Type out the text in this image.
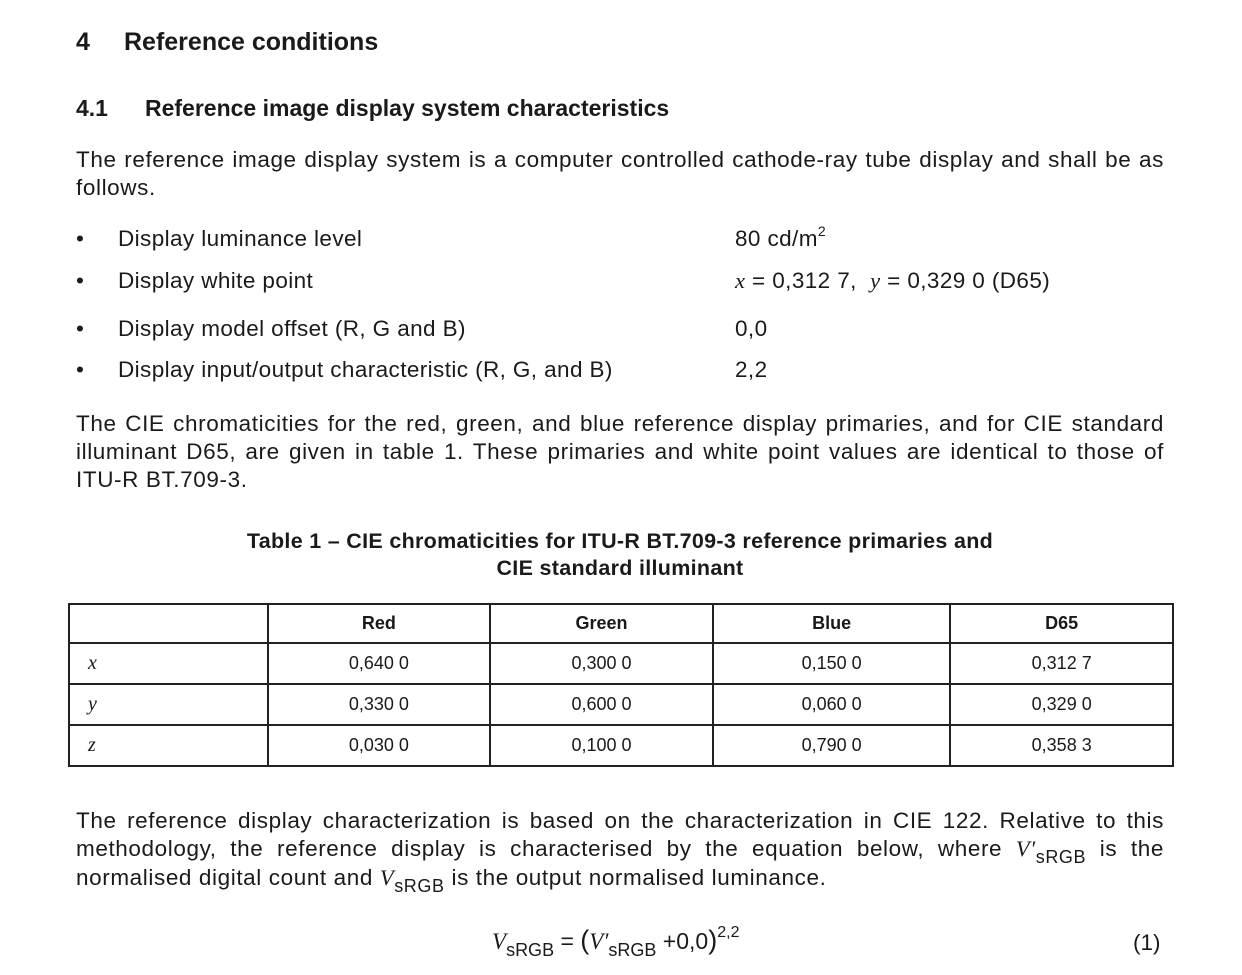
4 Reference conditions
4.1 Reference image display system characteristics

The reference image display system is a computer controlled cathode-ray tube display and shall be as follows.

• Display luminance level	80 $cd/m^2$
• Display white point	x = 0,312 7, y = 0,329 0 (D65)
• Display model offset (R, G and B)	0,0
• Display input/output characteristic (R, G, and B)	2,2

The CIE chromaticities for the red, green, and blue reference display primaries, and for CIE standard illuminant D65, are given in table 1. These primaries and white point values are identical to those of ITU-R BT.709-3.

Table 1 – CIE chromaticities for ITU-R BT.709-3 reference primaries and
CIE standard illuminant
	Red	Green	Blue	D65
x	0,640 0	0,300 0	0,150 0	0,312 7
y	0,330 0	0,600 0	0,060 0	0,329 0
z	0,030 0	0,100 0	0,790 0	0,358 3

The reference display characterization is based on the characterization in CIE 122. Relative to this methodology, the reference display is characterised by the equation below, where $V'_{sRGB}$ is the normalised digital count and $V_{sRGB}$ is the output normalised luminance.

$V_{sRGB} = (V'_{sRGB} +0,0)^{2,2}$	(1)
